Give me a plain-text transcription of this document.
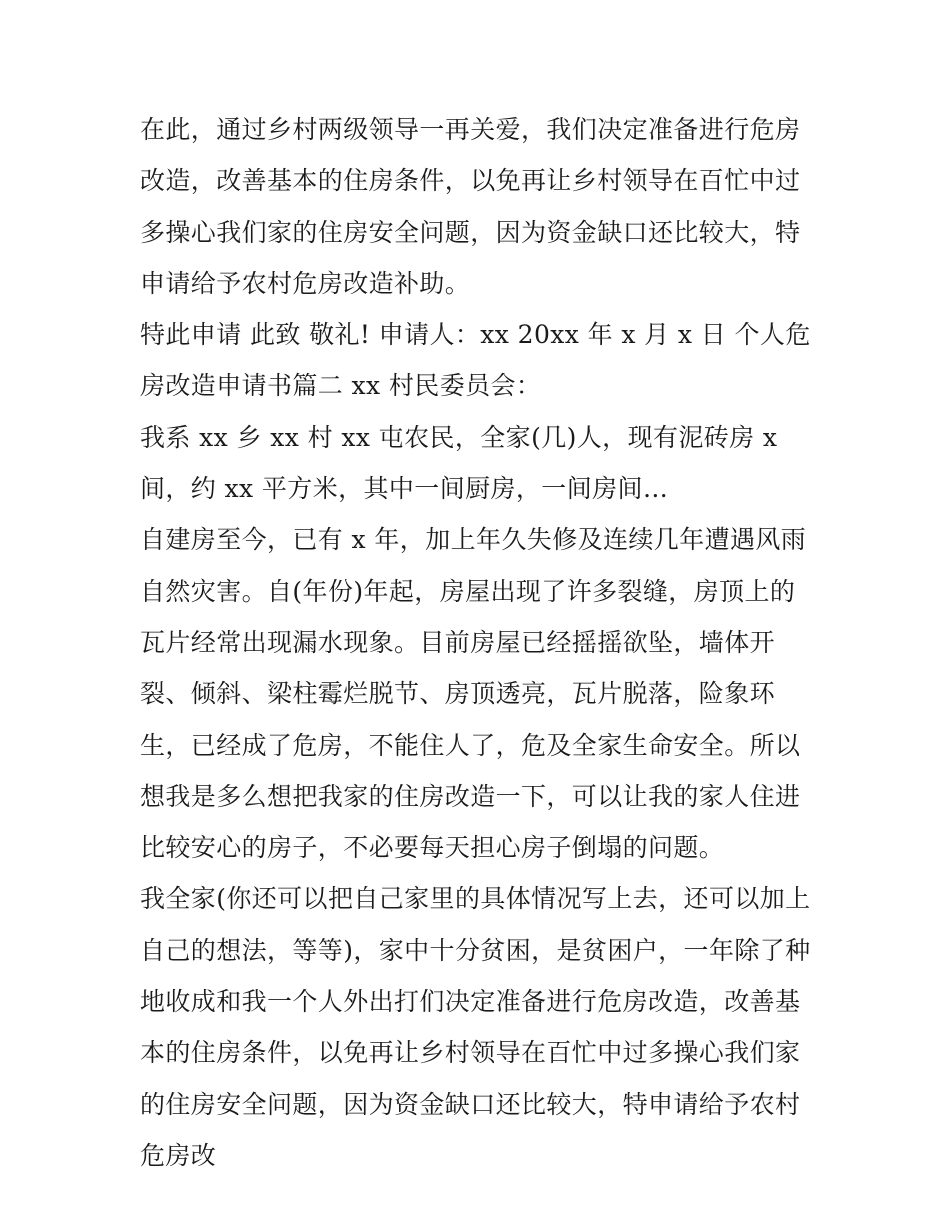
在此，通过乡村两级领导一再关爱，我们决定准备进行危房改造，改善基本的住房条件，以免再让乡村领导在百忙中过多操心我们家的住房安全问题，因为资金缺口还比较大，特申请给予农村危房改造补助。

特此申请 此致 敬礼! 申请人：xx 20xx 年 x 月 x 日 个人危房改造申请书篇二 xx 村民委员会：

我系 xx 乡 xx 村 xx 屯农民，全家(几)人，现有泥砖房 x 间，约 xx 平方米，其中一间厨房，一间房间…

自建房至今，已有 x 年，加上年久失修及连续几年遭遇风雨自然灾害。自(年份)年起，房屋出现了许多裂缝，房顶上的瓦片经常出现漏水现象。目前房屋已经摇摇欲坠，墙体开裂、倾斜、梁柱霉烂脱节、房顶透亮，瓦片脱落，险象环生，已经成了危房，不能住人了，危及全家生命安全。所以想我是多么想把我家的住房改造一下，可以让我的家人住进比较安心的房子，不必要每天担心房子倒塌的问题。

我全家(你还可以把自己家里的具体情况写上去，还可以加上自己的想法，等等)，家中十分贫困，是贫困户，一年除了种地收成和我一个人外出打们决定准备进行危房改造，改善基本的住房条件，以免再让乡村领导在百忙中过多操心我们家的住房安全问题，因为资金缺口还比较大，特申请给予农村危房改
